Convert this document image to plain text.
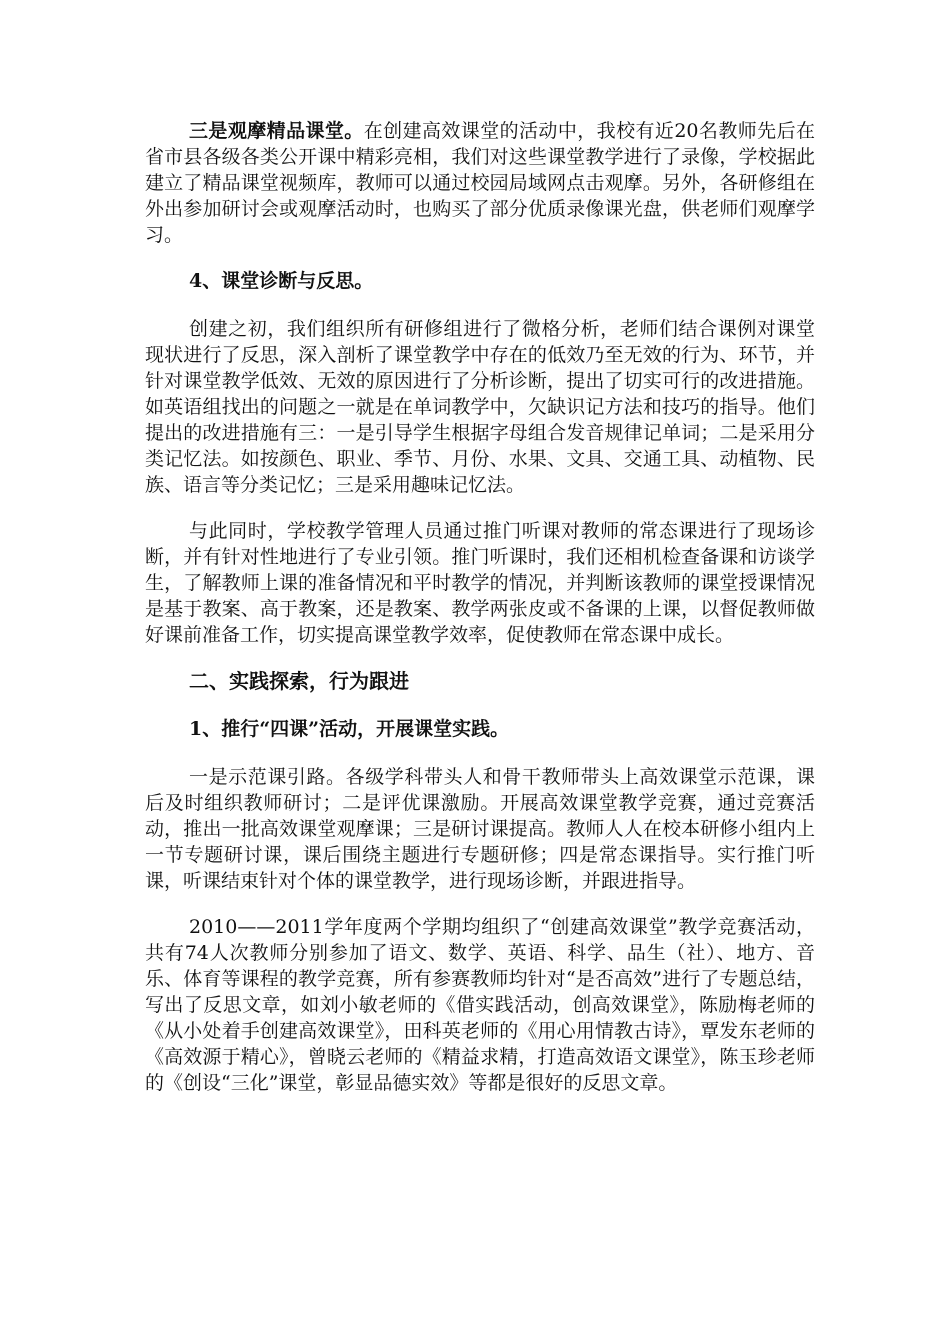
三是观摩精品课堂。在创建高效课堂的活动中，我校有近20名教师先后在省市县各级各类公开课中精彩亮相，我们对这些课堂教学进行了录像，学校据此建立了精品课堂视频库，教师可以通过校园局域网点击观摩。另外，各研修组在外出参加研讨会或观摩活动时，也购买了部分优质录像课光盘，供老师们观摩学习。

4、课堂诊断与反思。

创建之初，我们组织所有研修组进行了微格分析，老师们结合课例对课堂现状进行了反思，深入剖析了课堂教学中存在的低效乃至无效的行为、环节，并针对课堂教学低效、无效的原因进行了分析诊断，提出了切实可行的改进措施。如英语组找出的问题之一就是在单词教学中，欠缺识记方法和技巧的指导。他们提出的改进措施有三：一是引导学生根据字母组合发音规律记单词；二是采用分类记忆法。如按颜色、职业、季节、月份、水果、文具、交通工具、动植物、民族、语言等分类记忆；三是采用趣味记忆法。

与此同时，学校教学管理人员通过推门听课对教师的常态课进行了现场诊断，并有针对性地进行了专业引领。推门听课时，我们还相机检查备课和访谈学生，了解教师上课的准备情况和平时教学的情况，并判断该教师的课堂授课情况是基于教案、高于教案，还是教案、教学两张皮或不备课的上课，以督促教师做好课前准备工作，切实提高课堂教学效率，促使教师在常态课中成长。

二、实践探索，行为跟进

1、推行“四课”活动，开展课堂实践。

一是示范课引路。各级学科带头人和骨干教师带头上高效课堂示范课，课后及时组织教师研讨；二是评优课激励。开展高效课堂教学竞赛，通过竞赛活动，推出一批高效课堂观摩课；三是研讨课提高。教师人人在校本研修小组内上一节专题研讨课，课后围绕主题进行专题研修；四是常态课指导。实行推门听课，听课结束针对个体的课堂教学，进行现场诊断，并跟进指导。

2010——2011学年度两个学期均组织了“创建高效课堂”教学竞赛活动，共有74人次教师分别参加了语文、数学、英语、科学、品生（社）、地方、音乐、体育等课程的教学竞赛，所有参赛教师均针对“是否高效”进行了专题总结，写出了反思文章，如刘小敏老师的《借实践活动，创高效课堂》，陈励梅老师的《从小处着手创建高效课堂》，田科英老师的《用心用情教古诗》，覃发东老师的《高效源于精心》，曾晓云老师的《精益求精，打造高效语文课堂》，陈玉珍老师的《创设“三化”课堂，彰显品德实效》等都是很好的反思文章。
